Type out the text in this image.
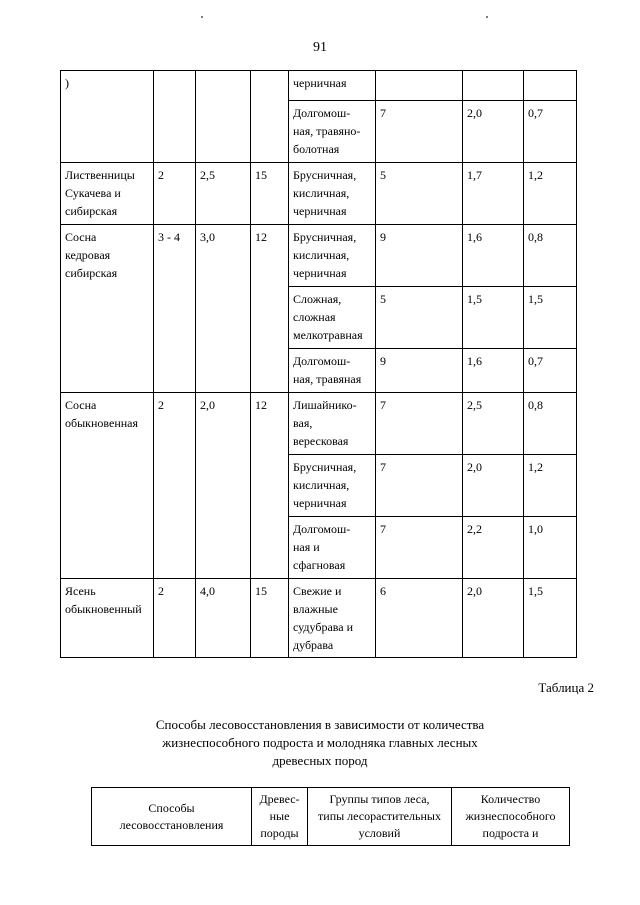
91
)				черничная			
				Долгомош-
ная, травяно-
болотная	7	2,0	0,7
Лиственницы
Сукачева и
сибирская	2	2,5	15	Брусничная,
кисличная,
черничная	5	1,7	1,2
Сосна
кедровая
сибирская	3 - 4	3,0	12	Брусничная,
кисличная,
черничная	9	1,6	0,8
				Сложная,
сложная
мелкотравная	5	1,5	1,5
				Долгомош-
ная, травяная	9	1,6	0,7
Сосна
обыкновенная	2	2,0	12	Лишайнико-
вая,
вересковая	7	2,5	0,8
				Брусничная,
кисличная,
черничная	7	2,0	1,2
				Долгомош-
ная и
сфагновая	7	2,2	1,0
Ясень
обыкновенный	2	4,0	15	Свежие и
влажные
судубрава и
дубрава	6	2,0	1,5
Таблица 2
Способы лесовосстановления в зависимости от количества
жизнеспособного подроста и молодняка главных лесных
древесных пород
Способы
лесовосстановления	Древес-
ные
породы	Группы типов леса,
типы лесорастительных
условий	Количество
жизнеспособного
подроста и
